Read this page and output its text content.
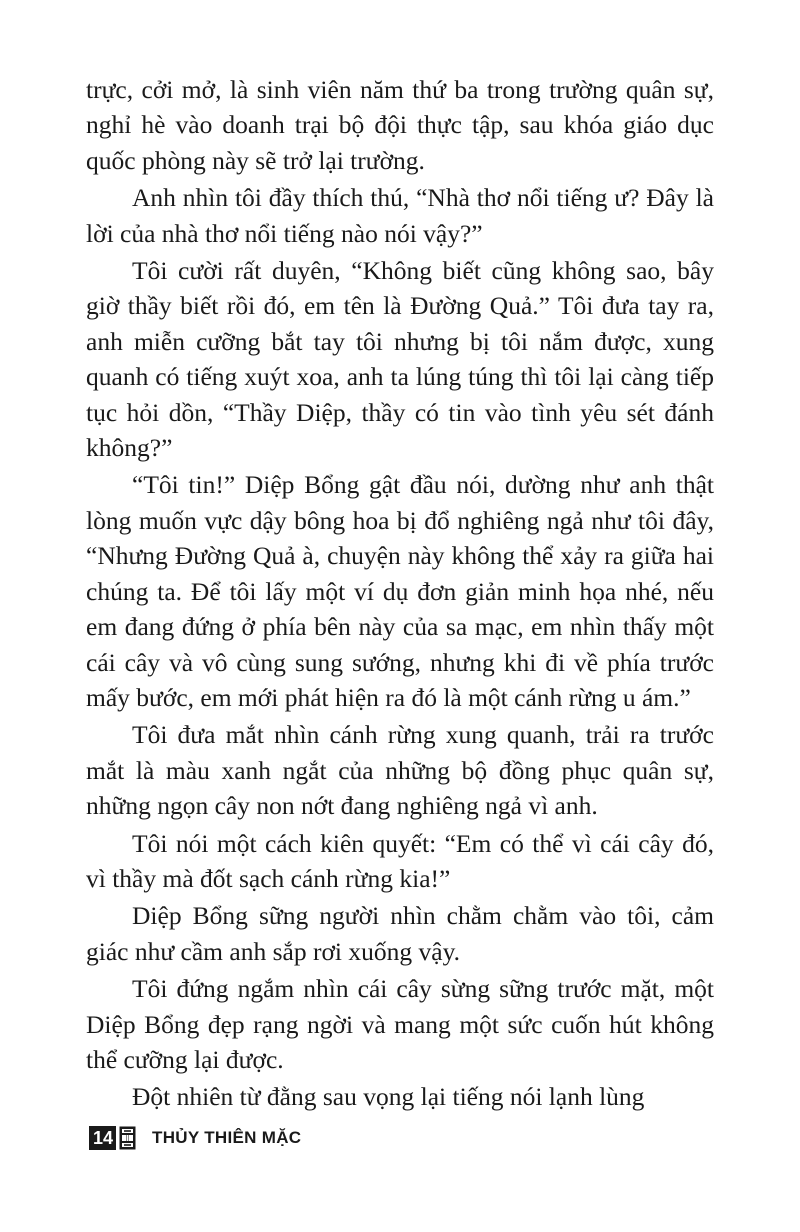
trực, cởi mở, là sinh viên năm thứ ba trong trường quân sự, nghỉ hè vào doanh trại bộ đội thực tập, sau khóa giáo dục quốc phòng này sẽ trở lại trường.

Anh nhìn tôi đầy thích thú, “Nhà thơ nổi tiếng ư? Đây là lời của nhà thơ nổi tiếng nào nói vậy?”

Tôi cười rất duyên, “Không biết cũng không sao, bây giờ thầy biết rồi đó, em tên là Đường Quả.” Tôi đưa tay ra, anh miễn cưỡng bắt tay tôi nhưng bị tôi nắm được, xung quanh có tiếng xuýt xoa, anh ta lúng túng thì tôi lại càng tiếp tục hỏi dồn, “Thầy Diệp, thầy có tin vào tình yêu sét đánh không?”

“Tôi tin!” Diệp Bổng gật đầu nói, dường như anh thật lòng muốn vực dậy bông hoa bị đổ nghiêng ngả như tôi đây, “Nhưng Đường Quả à, chuyện này không thể xảy ra giữa hai chúng ta. Để tôi lấy một ví dụ đơn giản minh họa nhé, nếu em đang đứng ở phía bên này của sa mạc, em nhìn thấy một cái cây và vô cùng sung sướng, nhưng khi đi về phía trước mấy bước, em mới phát hiện ra đó là một cánh rừng u ám.”

Tôi đưa mắt nhìn cánh rừng xung quanh, trải ra trước mắt là màu xanh ngắt của những bộ đồng phục quân sự, những ngọn cây non nớt đang nghiêng ngả vì anh.

Tôi nói một cách kiên quyết: “Em có thể vì cái cây đó, vì thầy mà đốt sạch cánh rừng kia!”

Diệp Bổng sững người nhìn chằm chằm vào tôi, cảm giác như cầm anh sắp rơi xuống vậy.

Tôi đứng ngắm nhìn cái cây sừng sững trước mặt, một Diệp Bổng đẹp rạng ngời và mang một sức cuốn hút không thể cưỡng lại được.

Đột nhiên từ đằng sau vọng lại tiếng nói lạnh lùng

14 THỦY THIÊN MẶC
